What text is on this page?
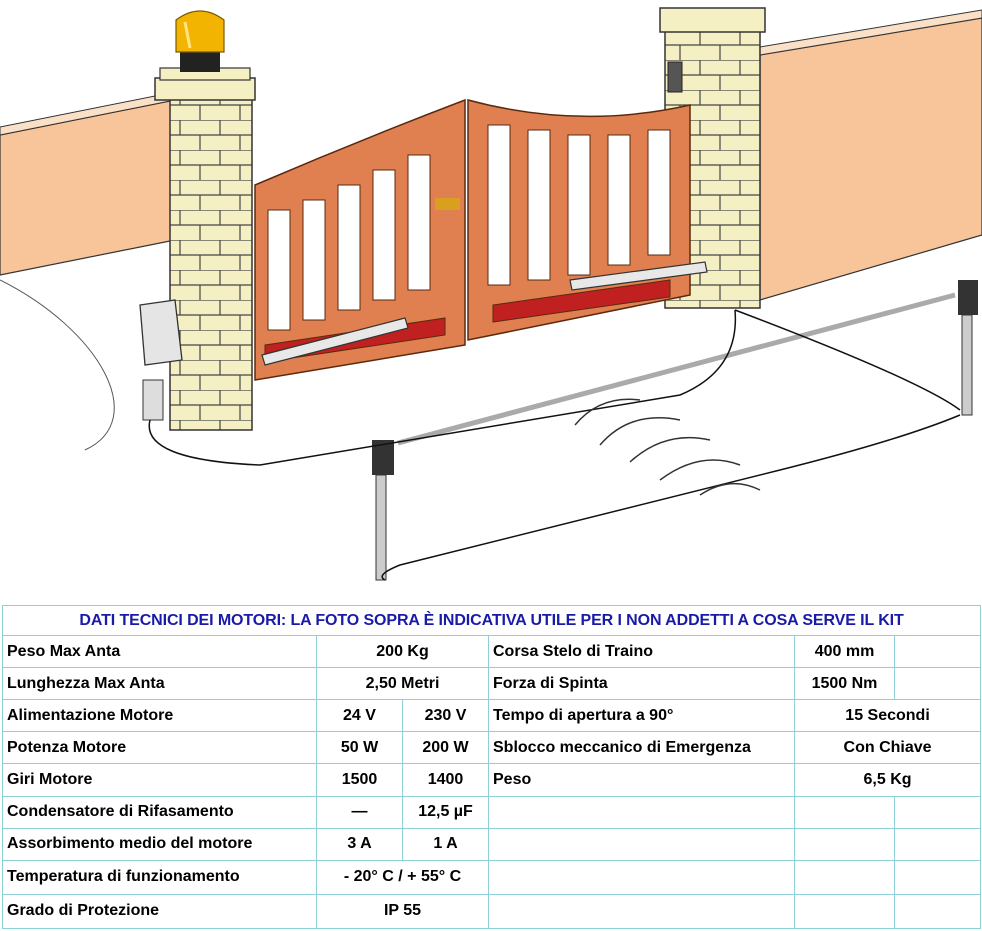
DATI TECNICI DEI MOTORI: LA FOTO SOPRA È INDICATIVA UTILE PER I NON ADDETTI A COSA SERVE IL KIT					
Peso Max Anta	200 Kg		Corsa Stelo di Traino	400 mm	
Lunghezza Max Anta	2,50 Metri		Forza di Spinta	1500 Nm	
Alimentazione Motore	24 V	230 V	Tempo di apertura a 90°	15 Secondi	
Potenza Motore	50 W	200 W	Sblocco meccanico di Emergenza	Con Chiave	
Giri Motore	1500	1400	Peso	6,5 Kg	
Condensatore di Rifasamento	—	12,5 µF			
Assorbimento medio del motore	3 A	1 A			
Temperatura di funzionamento	- 20° C / + 55° C				
Grado di Protezione	IP 55				
